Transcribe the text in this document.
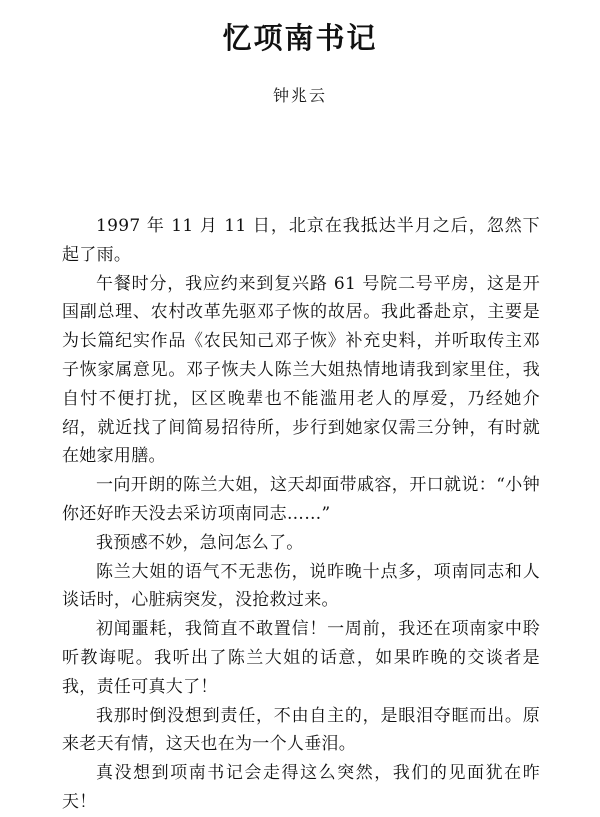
忆项南书记
钟兆云

1997 年 11 月 11 日，北京在我抵达半月之后，忽然下起了雨。

午餐时分，我应约来到复兴路 61 号院二号平房，这是开国副总理、农村改革先驱邓子恢的故居。我此番赴京，主要是为长篇纪实作品《农民知己邓子恢》补充史料，并听取传主邓子恢家属意见。邓子恢夫人陈兰大姐热情地请我到家里住，我自忖不便打扰，区区晚辈也不能滥用老人的厚爱，乃经她介绍，就近找了间简易招待所，步行到她家仅需三分钟，有时就在她家用膳。

一向开朗的陈兰大姐，这天却面带戚容，开口就说：“小钟你还好昨天没去采访项南同志……”

我预感不妙，急问怎么了。

陈兰大姐的语气不无悲伤，说昨晚十点多，项南同志和人谈话时，心脏病突发，没抢救过来。

初闻噩耗，我简直不敢置信！一周前，我还在项南家中聆听教诲呢。我听出了陈兰大姐的话意，如果昨晚的交谈者是我，责任可真大了！

我那时倒没想到责任，不由自主的，是眼泪夺眶而出。原来老天有情，这天也在为一个人垂泪。

真没想到项南书记会走得这么突然，我们的见面犹在昨天！
